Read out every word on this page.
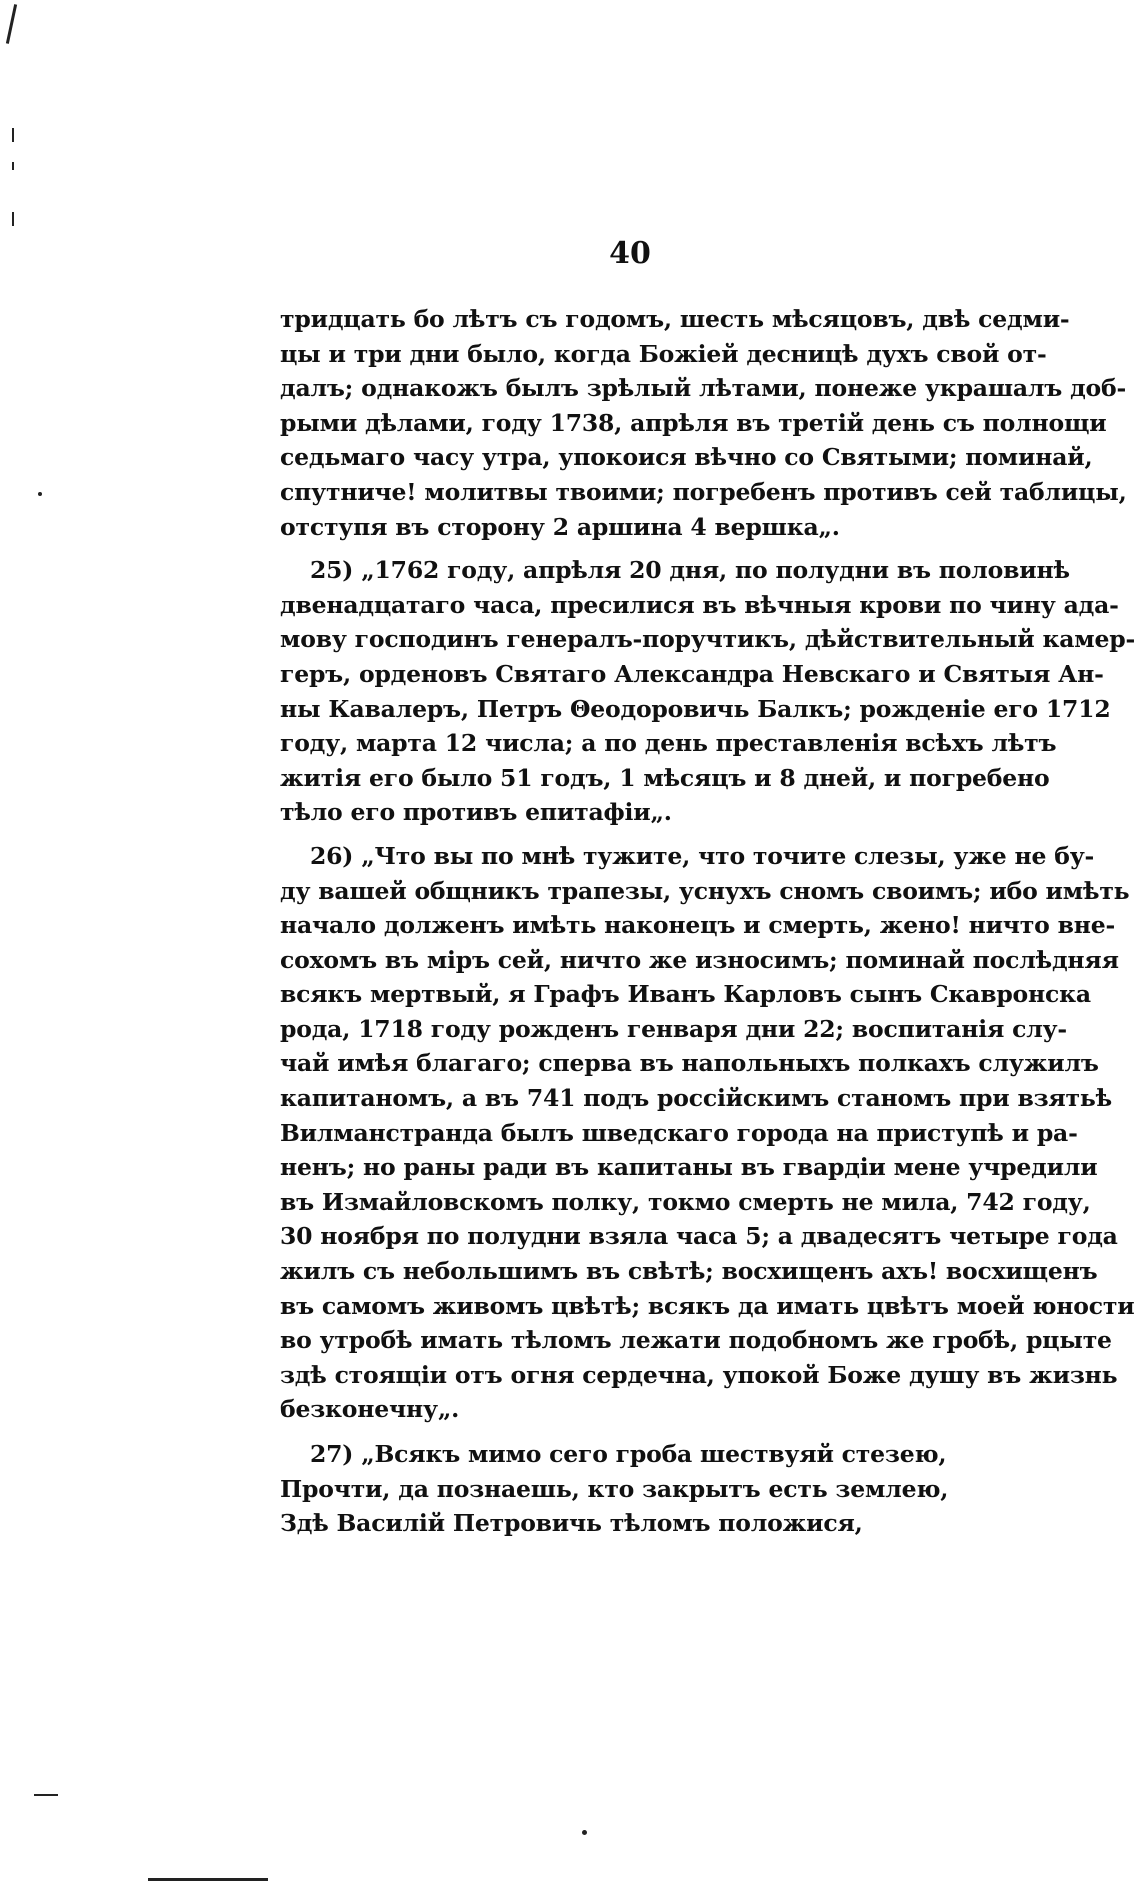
40
тридцать бо лѣтъ съ годомъ, шесть мѣсяцовъ, двѣ седми-
цы и три дни было, когда Божіей десницѣ духъ свой от-
далъ; однакожъ былъ зрѣлый лѣтами, понеже украшалъ доб-
рыми дѣлами, году 1738, апрѣля въ третій день съ полнощи
седьмаго часу утра, упокоися вѣчно со Святыми; поминай,
спутниче! молитвы твоими; погребенъ противъ сей таблицы,
отступя въ сторону 2 аршина 4 вершка„.
25) „1762 году, апрѣля 20 дня, по полудни въ половинѣ
двенадцатаго часа, пресилися въ вѣчныя крови по чину ада-
мову господинъ генералъ-поручтикъ, дѣйствительный камер-
геръ, орденовъ Святаго Александра Невскаго и Святыя Ан-
ны Кавалеръ, Петръ Θеодоровичь Балкъ; рожденіе его 1712
году, марта 12 числа; а по день преставленія всѣхъ лѣтъ
житія его было 51 годъ, 1 мѣсяцъ и 8 дней, и погребено
тѣло его противъ епитафіи„.
26) „Что вы по мнѣ тужите, что точите слезы, уже не бу-
ду вашей общникъ трапезы, уснухъ сномъ своимъ; ибо имѣть
начало долженъ имѣть наконецъ и смерть, жено! ничто вне-
сохомъ въ міръ сей, ничто же износимъ; поминай послѣдняя
всякъ мертвый, я Графъ Иванъ Карловъ сынъ Скавронска
рода, 1718 году рожденъ генваря дни 22; воспитанія слу-
чай имѣя благаго; сперва въ напольныхъ полкахъ служилъ
капитаномъ, а въ 741 подъ россійскимъ станомъ при взятьѣ
Вилманстранда былъ шведскаго города на приступѣ и ра-
ненъ; но раны ради въ капитаны въ гвардіи мене учредили
въ Измайловскомъ полку, токмо смерть не мила, 742 году,
30 ноября по полудни взяла часа 5; а двадесятъ четыре года
жилъ съ небольшимъ въ свѣтѣ; восхищенъ ахъ! восхищенъ
въ самомъ живомъ цвѣтѣ; всякъ да имать цвѣтъ моей юности
во утробѣ имать тѣломъ лежати подобномъ же гробѣ, рцыте
здѣ стоящіи отъ огня сердечна, упокой Боже душу въ жизнь
безконечну„.
27) „Всякъ мимо сего гроба шествуяй стезею,
Прочти, да познаешь, кто закрытъ есть землею,
Здѣ Василій Петровичь тѣломъ положися,
